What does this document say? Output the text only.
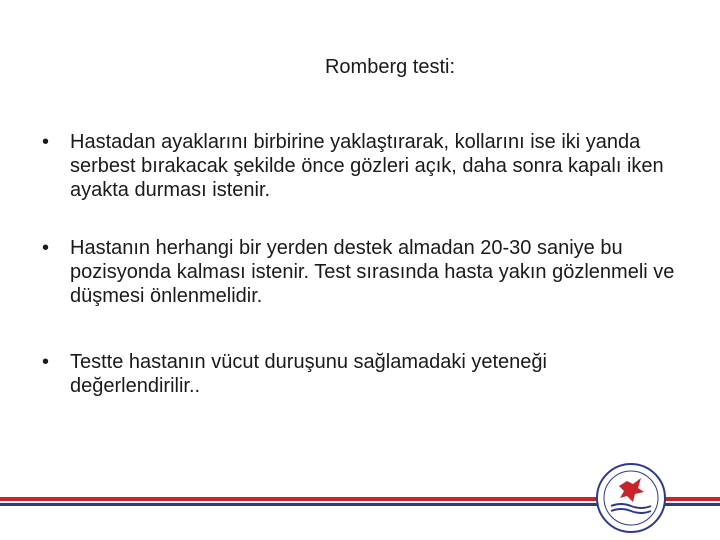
Romberg testi:
• Hastadan ayaklarını birbirine yaklaştırarak, kollarını ise iki yanda serbest bırakacak şekilde önce gözleri açık, daha sonra kapalı iken ayakta durması istenir.
• Hastanın herhangi bir yerden destek almadan 20-30 saniye bu pozisyonda kalması istenir. Test sırasında hasta yakın gözlenmeli ve düşmesi önlenmelidir.
• Testte hastanın vücut duruşunu sağlamadaki yeteneği değerlendirilir..
